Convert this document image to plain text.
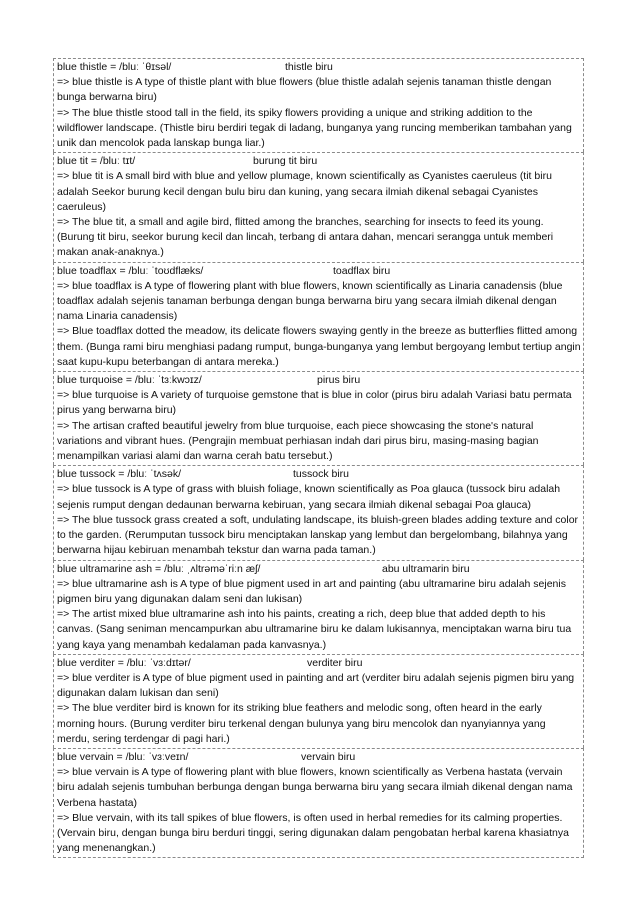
blue thistle = /bluː ˈθɪsəl/	thistle biru
=> blue thistle is A type of thistle plant with blue flowers (blue thistle adalah sejenis tanaman thistle dengan bunga berwarna biru)
=> The blue thistle stood tall in the field, its spiky flowers providing a unique and striking addition to the wildflower landscape. (Thistle biru berdiri tegak di ladang, bunganya yang runcing memberikan tambahan yang unik dan mencolok pada lanskap bunga liar.)
blue tit = /bluː tɪt/	burung tit biru
=> blue tit is A small bird with blue and yellow plumage, known scientifically as Cyanistes caeruleus (tit biru adalah Seekor burung kecil dengan bulu biru dan kuning, yang secara ilmiah dikenal sebagai Cyanistes caeruleus)
=> The blue tit, a small and agile bird, flitted among the branches, searching for insects to feed its young. (Burung tit biru, seekor burung kecil dan lincah, terbang di antara dahan, mencari serangga untuk memberi makan anak-anaknya.)
blue toadflax = /bluː ˈtoʊdflæks/	toadflax biru
=> blue toadflax is A type of flowering plant with blue flowers, known scientifically as Linaria canadensis (blue toadflax adalah sejenis tanaman berbunga dengan bunga berwarna biru yang secara ilmiah dikenal dengan nama Linaria canadensis)
=> Blue toadflax dotted the meadow, its delicate flowers swaying gently in the breeze as butterflies flitted among them. (Bunga rami biru menghiasi padang rumput, bunga-bunganya yang lembut bergoyang lembut tertiup angin saat kupu-kupu beterbangan di antara mereka.)
blue turquoise = /bluː ˈtɜːkwɔɪz/	pirus biru
=> blue turquoise is A variety of turquoise gemstone that is blue in color (pirus biru adalah Variasi batu permata pirus yang berwarna biru)
=> The artisan crafted beautiful jewelry from blue turquoise, each piece showcasing the stone's natural variations and vibrant hues. (Pengrajin membuat perhiasan indah dari pirus biru, masing-masing bagian menampilkan variasi alami dan warna cerah batu tersebut.)
blue tussock = /bluː ˈtʌsək/	tussock biru
=> blue tussock is A type of grass with bluish foliage, known scientifically as Poa glauca (tussock biru adalah sejenis rumput dengan dedaunan berwarna kebiruan, yang secara ilmiah dikenal sebagai Poa glauca)
=> The blue tussock grass created a soft, undulating landscape, its bluish-green blades adding texture and color to the garden. (Rerumputan tussock biru menciptakan lanskap yang lembut dan bergelombang, bilahnya yang berwarna hijau kebiruan menambah tekstur dan warna pada taman.)
blue ultramarine ash = /bluː ˌʌltrəməˈriːn æʃ/	abu ultramarin biru
=> blue ultramarine ash is A type of blue pigment used in art and painting (abu ultramarine biru adalah sejenis pigmen biru yang digunakan dalam seni dan lukisan)
=> The artist mixed blue ultramarine ash into his paints, creating a rich, deep blue that added depth to his canvas. (Sang seniman mencampurkan abu ultramarine biru ke dalam lukisannya, menciptakan warna biru tua yang kaya yang menambah kedalaman pada kanvasnya.)
blue verditer = /bluː ˈvɜːdɪtər/	verditer biru
=> blue verditer is A type of blue pigment used in painting and art (verditer biru adalah sejenis pigmen biru yang digunakan dalam lukisan dan seni)
=> The blue verditer bird is known for its striking blue feathers and melodic song, often heard in the early morning hours. (Burung verditer biru terkenal dengan bulunya yang biru mencolok dan nyanyiannya yang merdu, sering terdengar di pagi hari.)
blue vervain = /bluː ˈvɜːveɪn/	vervain biru
=> blue vervain is A type of flowering plant with blue flowers, known scientifically as Verbena hastata (vervain biru adalah sejenis tumbuhan berbunga dengan bunga berwarna biru yang secara ilmiah dikenal dengan nama Verbena hastata)
=> Blue vervain, with its tall spikes of blue flowers, is often used in herbal remedies for its calming properties. (Vervain biru, dengan bunga biru berduri tinggi, sering digunakan dalam pengobatan herbal karena khasiatnya yang menenangkan.)
